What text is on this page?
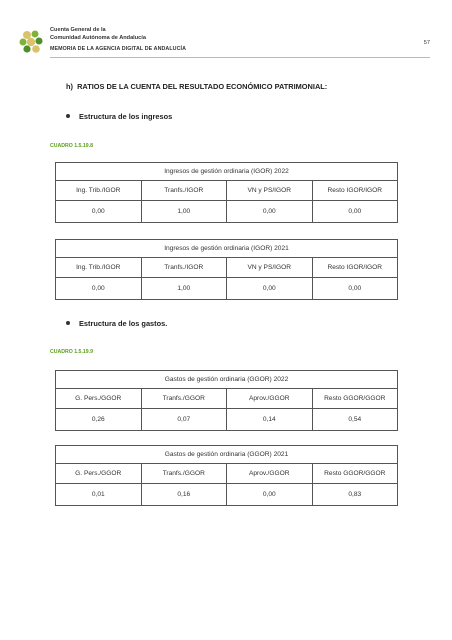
Cuenta General de la
Comunidad Autónoma de Andalucía
MEMORIA DE LA AGENCIA DIGITAL DE ANDALUCÍA
57
h)  RATIOS DE LA CUENTA DEL RESULTADO ECONÓMICO PATRIMONIAL:
Estructura de los ingresos
CUADRO 1.5.19.8
Ingresos de gestión ordinaria (IGOR) 2022			
Ing. Trib./IGOR	Tranfs./IGOR	VN y PS/IGOR	Resto IGOR/IGOR
0,00	1,00	0,00	0,00
Ingresos de gestión ordinaria (IGOR) 2021			
Ing. Trib./IGOR	Tranfs./IGOR	VN y PS/IGOR	Resto IGOR/IGOR
0,00	1,00	0,00	0,00
Estructura de los gastos.
CUADRO 1.5.19.9
Gastos de gestión ordinaria (GGOR) 2022			
G. Pers./GGOR	Tranfs./GGOR	Aprov./GGOR	Resto GGOR/GGOR
0,26	0,07	0,14	0,54
Gastos de gestión ordinaria (GGOR) 2021			
G. Pers./GGOR	Tranfs./GGOR	Aprov./GGOR	Resto GGOR/GGOR
0,01	0,16	0,00	0,83
